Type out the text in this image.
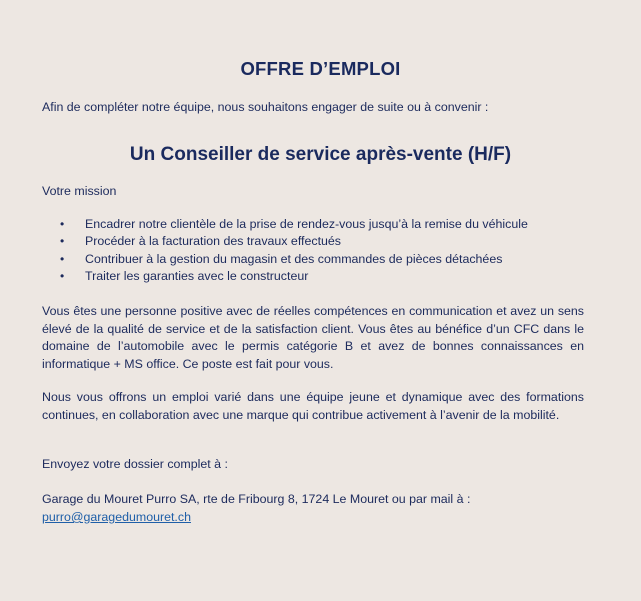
OFFRE D’EMPLOI
Afin de compléter notre équipe, nous souhaitons engager de suite ou à convenir :
Un Conseiller de service après-vente (H/F)
Votre mission
• Encadrer notre clientèle de la prise de rendez-vous jusqu’à la remise du véhicule
• Procéder à la facturation des travaux effectués
• Contribuer à la gestion du magasin et des commandes de pièces détachées
• Traiter les garanties avec le constructeur

Vous êtes une personne positive avec de réelles compétences en communication et avez un sens élevé de la qualité de service et de la satisfaction client. Vous êtes au bénéfice d’un CFC dans le domaine de l’automobile avec le permis catégorie B et avez de bonnes connaissances en informatique + MS office. Ce poste est fait pour vous.

Nous vous offrons un emploi varié dans une équipe jeune et dynamique avec des formations continues, en collaboration avec une marque qui contribue activement à l’avenir de la mobilité.

Envoyez votre dossier complet à :
Garage du Mouret Purro SA, rte de Fribourg 8, 1724 Le Mouret ou par mail à :
purro@garagedumouret.ch
